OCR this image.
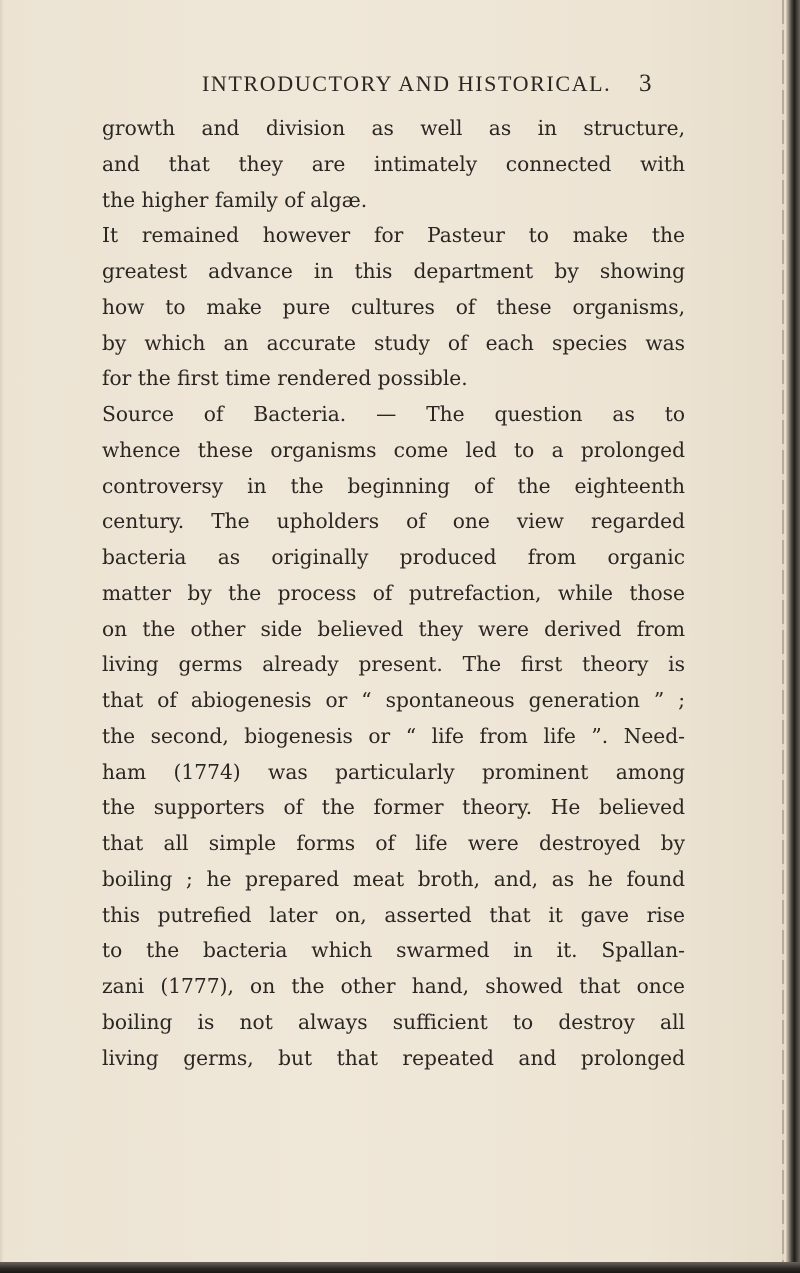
INTRODUCTORY AND HISTORICAL. 3
growth and division as well as in structure,
and that they are intimately connected with
the higher family of algæ.
It remained however for Pasteur to make the
greatest advance in this department by showing
how to make pure cultures of these organisms,
by which an accurate study of each species was
for the first time rendered possible.
Source of Bacteria. — The question as to
whence these organisms come led to a prolonged
controversy in the beginning of the eighteenth
century. The upholders of one view regarded
bacteria as originally produced from organic
matter by the process of putrefaction, while those
on the other side believed they were derived from
living germs already present. The first theory is
that of abiogenesis or “ spontaneous generation ” ;
the second, biogenesis or “ life from life ”. Need-
ham (1774) was particularly prominent among
the supporters of the former theory. He believed
that all simple forms of life were destroyed by
boiling ; he prepared meat broth, and, as he found
this putrefied later on, asserted that it gave rise
to the bacteria which swarmed in it. Spallan-
zani (1777), on the other hand, showed that once
boiling is not always sufficient to destroy all
living germs, but that repeated and prolonged
